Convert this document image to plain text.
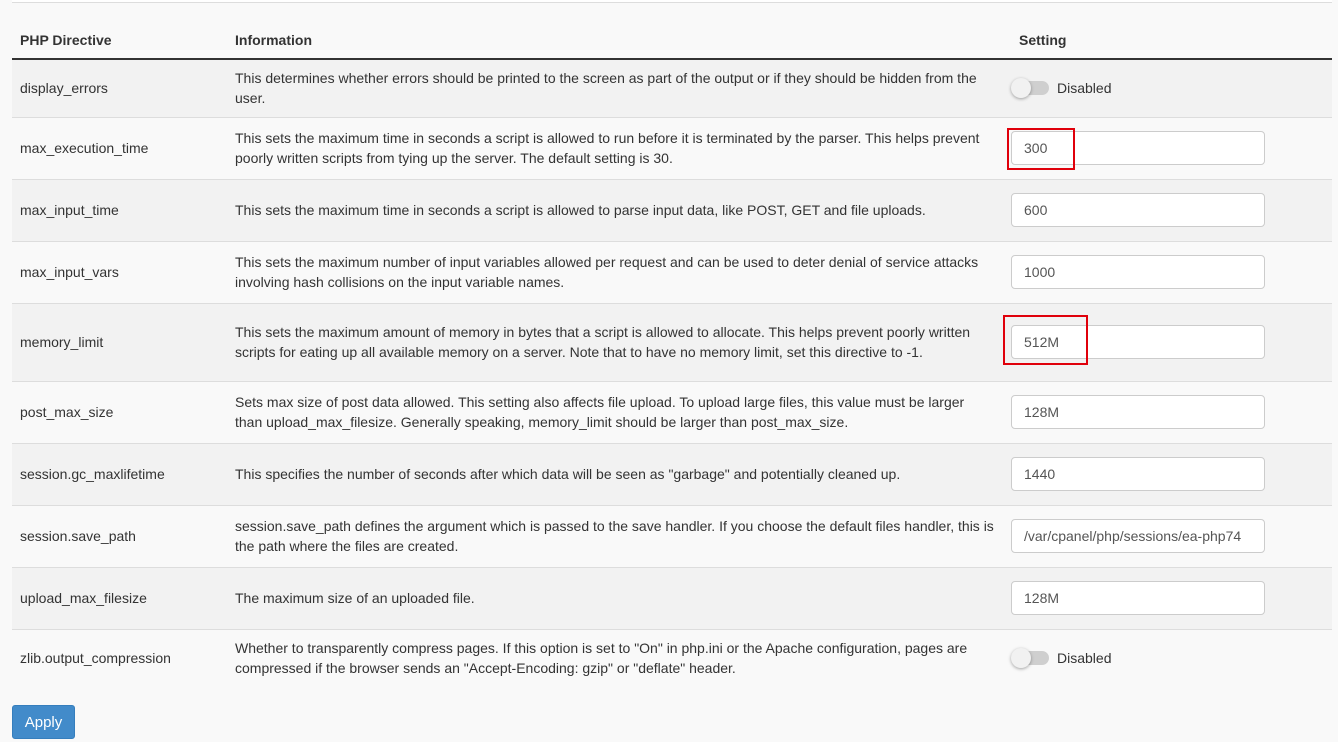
PHP Directive	Information	Setting
display_errors	This determines whether errors should be printed to the screen as part of the output or if they should be hidden from the user.	Disabled

max_execution_time	This sets the maximum time in seconds a script is allowed to run before it is terminated by the parser. This helps prevent poorly written scripts from tying up the server. The default setting is 30.	300

max_input_time	This sets the maximum time in seconds a script is allowed to parse input data, like POST, GET and file uploads.	600
max_input_vars	This sets the maximum number of input variables allowed per request and can be used to deter denial of service attacks involving hash collisions on the input variable names.	1000
memory_limit	This sets the maximum amount of memory in bytes that a script is allowed to allocate. This helps prevent poorly written scripts for eating up all available memory on a server. Note that to have no memory limit, set this directive to -1.	512M

post_max_size	Sets max size of post data allowed. This setting also affects file upload. To upload large files, this value must be larger than upload_max_filesize. Generally speaking, memory_limit should be larger than post_max_size.	128M
session.gc_maxlifetime	This specifies the number of seconds after which data will be seen as "garbage" and potentially cleaned up.	1440
session.save_path	session.save_path defines the argument which is passed to the save handler. If you choose the default files handler, this is the path where the files are created.	/var/cpanel/php/sessions/ea-php74
upload_max_filesize	The maximum size of an uploaded file.	128M
zlib.output_compression	Whether to transparently compress pages. If this option is set to "On" in php.ini or the Apache configuration, pages are compressed if the browser sends an "Accept-Encoding: gzip" or "deflate" header.	Disabled
Apply
